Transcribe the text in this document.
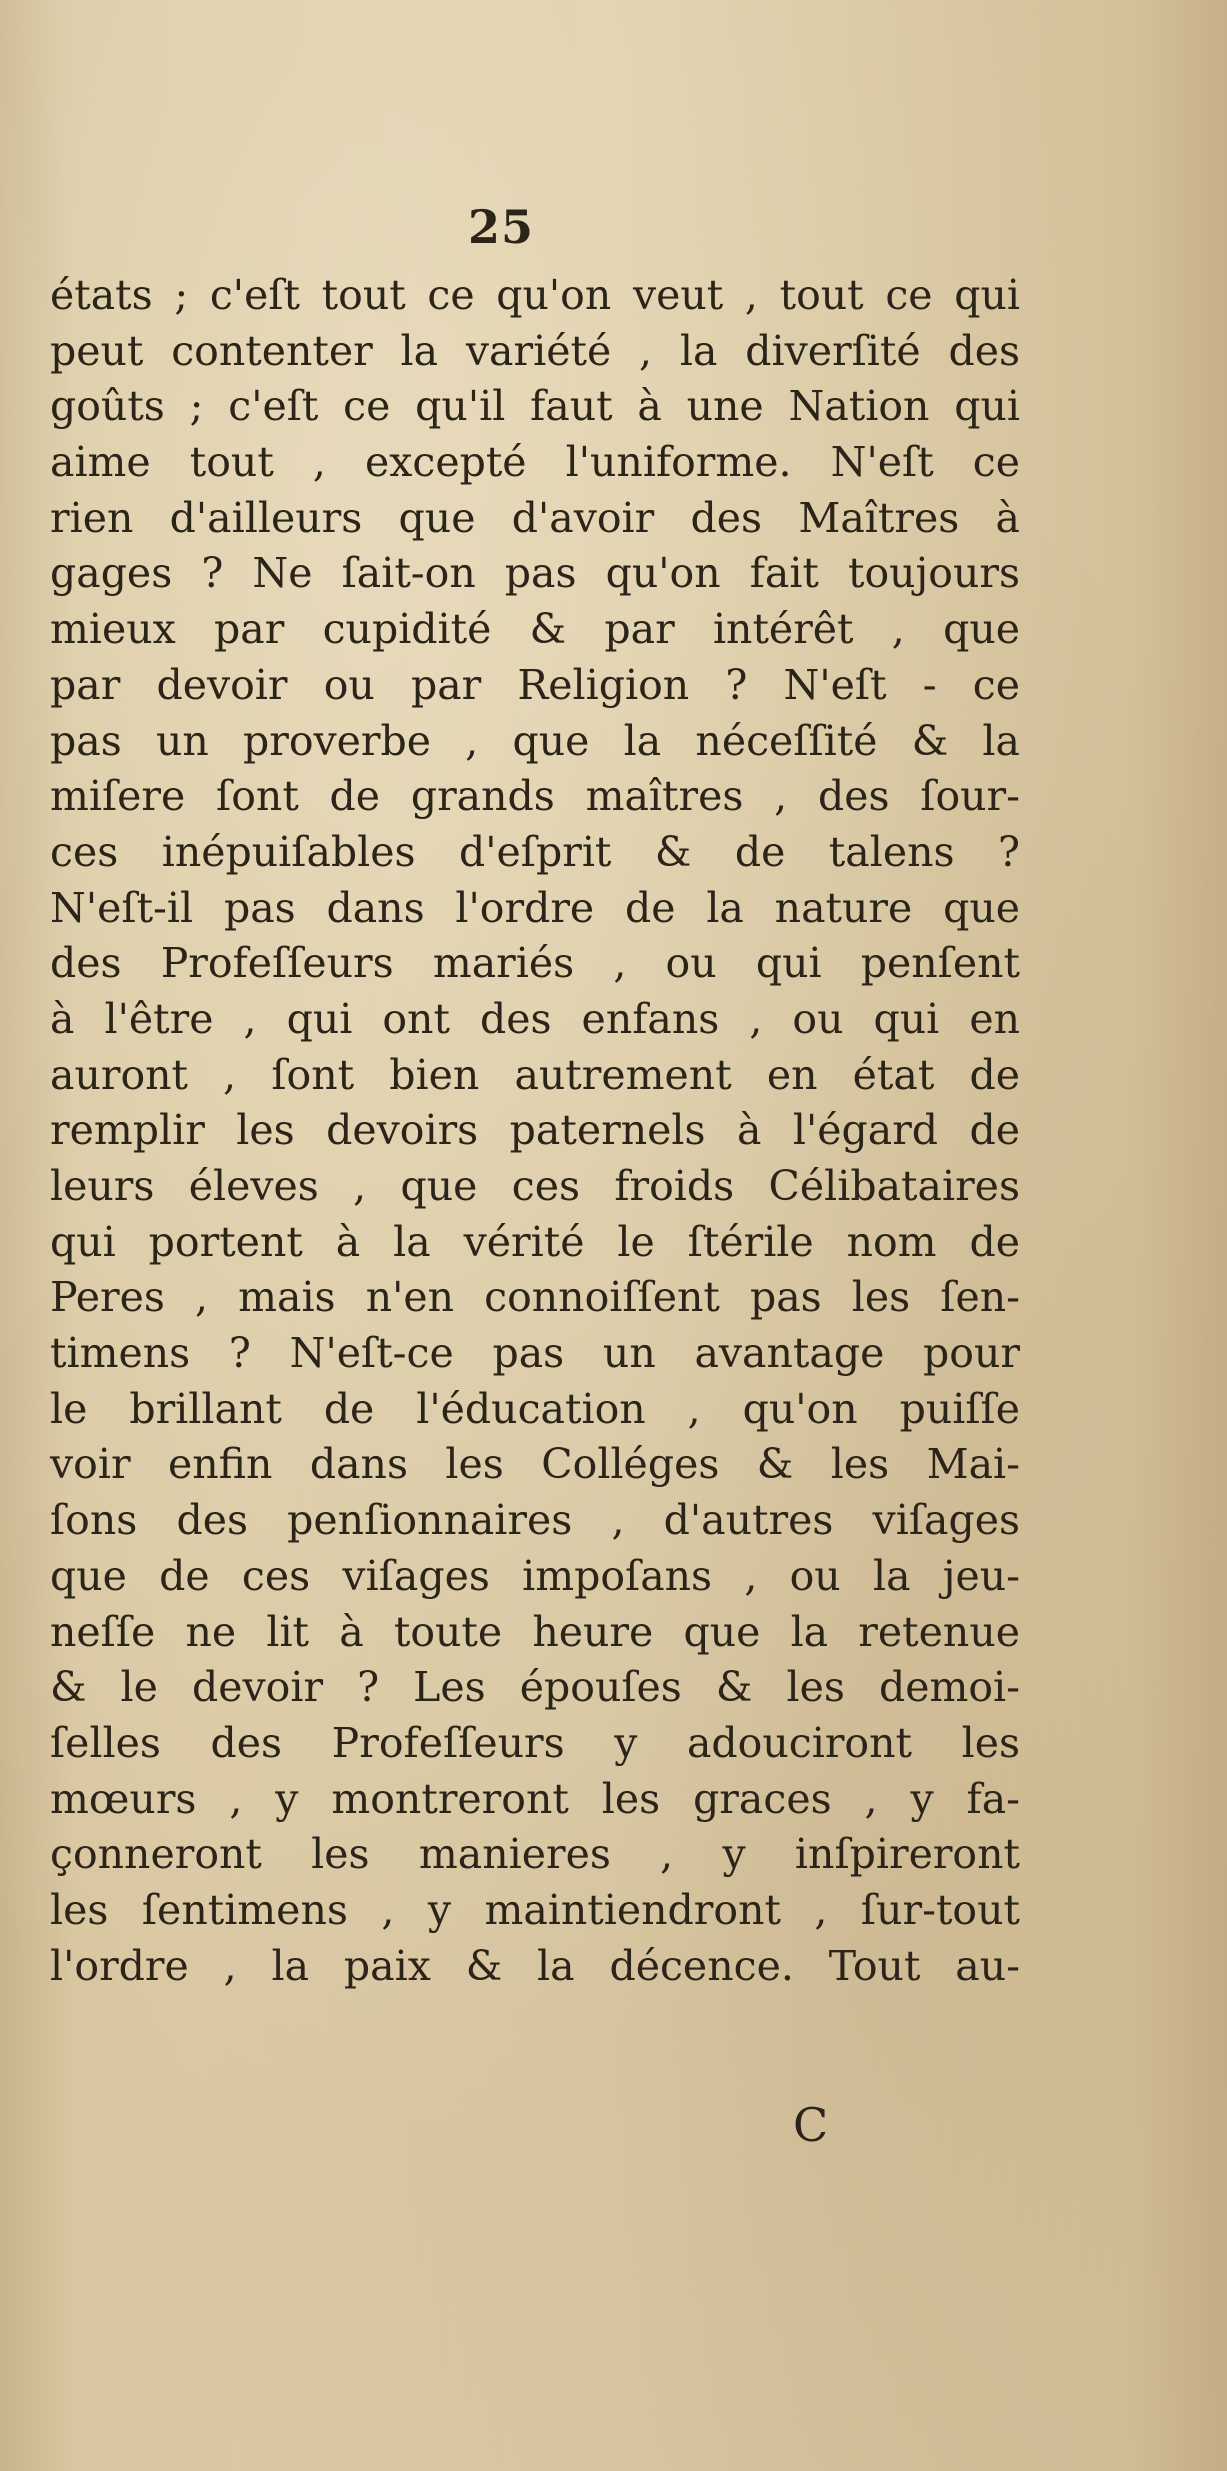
25
états ; c'eſt tout ce qu'on veut , tout ce qui
peut contenter la variété , la diverſité des
goûts ; c'eſt ce qu'il faut à une Nation qui
aime tout , excepté l'uniforme. N'eſt ce
rien d'ailleurs que d'avoir des Maîtres à
gages ? Ne ſait-on pas qu'on fait toujours
mieux par cupidité & par intérêt , que
par devoir ou par Religion ? N'eſt - ce
pas un proverbe , que la néceſſité & la
miſere ſont de grands maîtres , des ſour-
ces inépuiſables d'eſprit & de talens ?
N'eſt-il pas dans l'ordre de la nature que
des Profeſſeurs mariés , ou qui penſent
à l'être , qui ont des enfans , ou qui en
auront , ſont bien autrement en état de
remplir les devoirs paternels à l'égard de
leurs éleves , que ces froids Célibataires
qui portent à la vérité le ſtérile nom de
Peres , mais n'en connoiſſent pas les ſen-
timens ? N'eſt-ce pas un avantage pour
le brillant de l'éducation , qu'on puiſſe
voir enfin dans les Colléges & les Mai-
ſons des penſionnaires , d'autres viſages
que de ces viſages impoſans , ou la jeu-
neſſe ne lit à toute heure que la retenue
& le devoir ? Les épouſes & les demoi-
ſelles des Profeſſeurs y adouciront les
mœurs , y montreront les graces , y fa-
çonneront les manieres , y inſpireront
les ſentimens , y maintiendront , ſur-tout
l'ordre , la paix & la décence. Tout au-
C
